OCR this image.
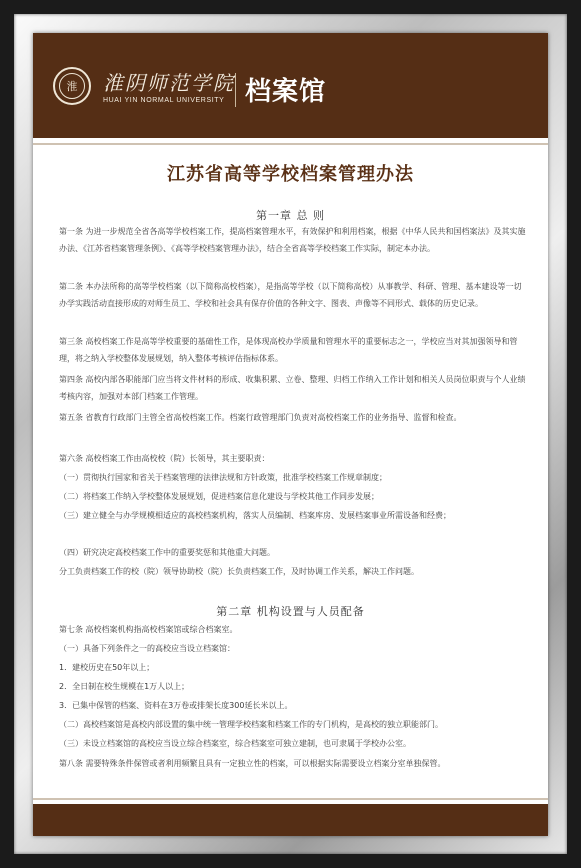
淮	淮阴师范学院
HUAI YIN NORMAL UNIVERSITY 档案馆
江苏省高等学校档案管理办法
第一章 总 则
第一条 为进一步规范全省各高等学校档案工作，提高档案管理水平，有效保护和利用档案，根据《中华人民共和国档案法》及其实施办法、《江苏省档案管理条例》、《高等学校档案管理办法》，结合全省高等学校档案工作实际，制定本办法。
第二条 本办法所称的高等学校档案（以下简称高校档案），是指高等学校（以下简称高校）从事教学、科研、管理、基本建设等一切办学实践活动直接形成的对师生员工、学校和社会具有保存价值的各种文字、图表、声像等不同形式、载体的历史记录。
第三条 高校档案工作是高等学校重要的基础性工作，是体现高校办学质量和管理水平的重要标志之一，学校应当对其加强领导和管理，将之纳入学校整体发展规划，纳入整体考核评估指标体系。
第四条 高校内部各职能部门应当将文件材料的形成、收集积累、立卷、整理、归档工作纳入工作计划和相关人员岗位职责与个人业绩考核内容，加强对本部门档案工作管理。
第五条 省教育行政部门主管全省高校档案工作。档案行政管理部门负责对高校档案工作的业务指导、监督和检查。
第六条 高校档案工作由高校校（院）长领导，其主要职责：
（一）贯彻执行国家和省关于档案管理的法律法规和方针政策，批准学校档案工作规章制度；
（二）将档案工作纳入学校整体发展规划，促进档案信息化建设与学校其他工作同步发展；
（三）建立健全与办学规模相适应的高校档案机构，落实人员编制、档案库房、发展档案事业所需设备和经费；
（四）研究决定高校档案工作中的重要奖惩和其他重大问题。
分工负责档案工作的校（院）领导协助校（院）长负责档案工作，及时协调工作关系，解决工作问题。
第二章 机构设置与人员配备
第七条 高校档案机构指高校档案馆或综合档案室。
（一）具备下列条件之一的高校应当设立档案馆：
1．建校历史在50年以上；
2．全日制在校生规模在1万人以上；
3．已集中保管的档案、资料在3万卷或排架长度300延长米以上。
（二）高校档案馆是高校内部设置的集中统一管理学校档案和档案工作的专门机构，是高校的独立职能部门。
（三）未设立档案馆的高校应当设立综合档案室，综合档案室可独立建制，也可隶属于学校办公室。
第八条 需要特殊条件保管或者利用频繁且具有一定独立性的档案，可以根据实际需要设立档案分室单独保管。
